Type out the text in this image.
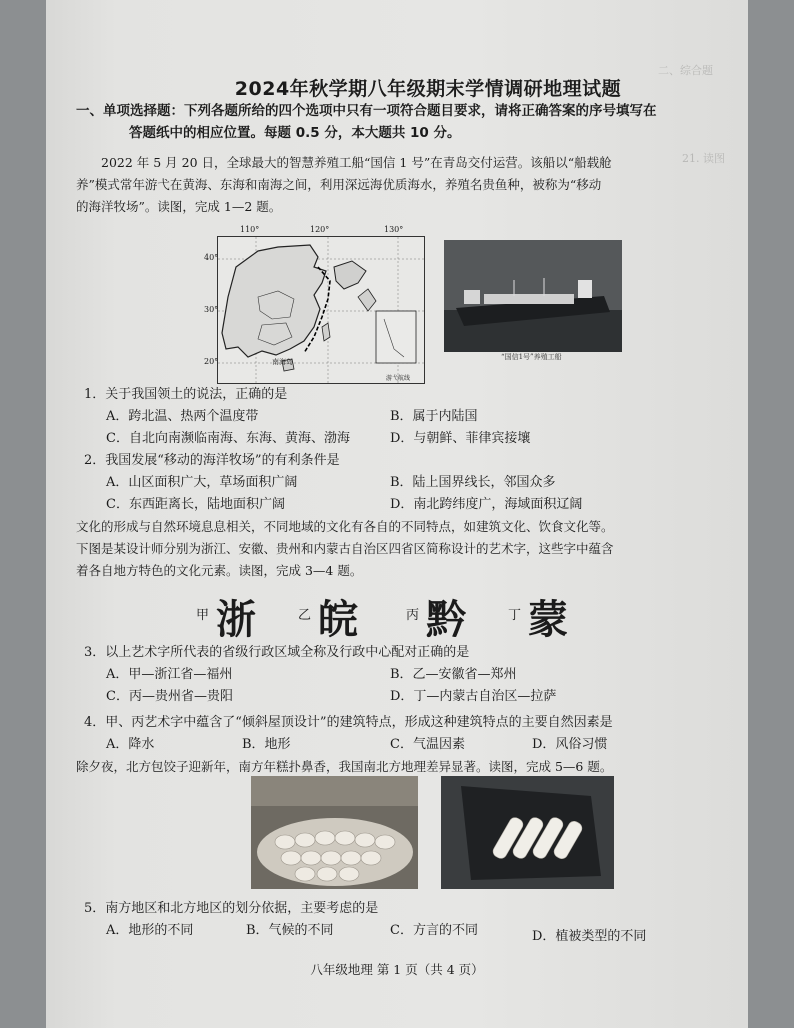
二、综合题
21. 读图
2024年秋学期八年级期末学情调研地理试题
一、单项选择题：下列各题所给的四个选项中只有一项符合题目要求，请将正确答案的序号填写在
答题纸中的相应位置。每题 0.5 分，本大题共 10 分。
2022 年 5 月 20 日，全球最大的智慧养殖工船“国信 1 号”在青岛交付运营。该船以“船载舱
养”模式常年游弋在黄海、东海和南海之间，利用深远海优质海水，养殖名贵鱼种，被称为“移动
的海洋牧场”。读图，完成 1—2 题。
110°	120°	130°
40°
30°
20°	南海岛
游弋航线
“国信1号”养殖工船
1．关于我国领土的说法，正确的是
A．跨北温、热两个温度带	B．属于内陆国
C．自北向南濒临南海、东海、黄海、渤海	D．与朝鲜、菲律宾接壤
2．我国发展“移动的海洋牧场”的有利条件是
A．山区面积广大，草场面积广阔	B．陆上国界线长，邻国众多
C．东西距离长，陆地面积广阔	D．南北跨纬度广，海域面积辽阔
文化的形成与自然环境息息相关，不同地域的文化有各自的不同特点，如建筑文化、饮食文化等。
下图是某设计师分别为浙江、安徽、贵州和内蒙古自治区四省区简称设计的艺术字，这些字中蕴含
着各自地方特色的文化元素。读图，完成 3—4 题。
甲 浙	乙 皖	丙 黔	丁 蒙
3．以上艺术字所代表的省级行政区域全称及行政中心配对正确的是
A．甲—浙江省—福州	B．乙—安徽省—郑州
C．丙—贵州省—贵阳	D．丁—内蒙古自治区—拉萨
4．甲、丙艺术字中蕴含了“倾斜屋顶设计”的建筑特点，形成这种建筑特点的主要自然因素是
A．降水	B．地形	C．气温因素	D．风俗习惯
除夕夜，北方包饺子迎新年，南方年糕扑鼻香，我国南北方地理差异显著。读图，完成 5—6 题。
5．南方地区和北方地区的划分依据，主要考虑的是
A．地形的不同	B．气候的不同	C．方言的不同	D．植被类型的不同
八年级地理 第 1 页（共 4 页）
